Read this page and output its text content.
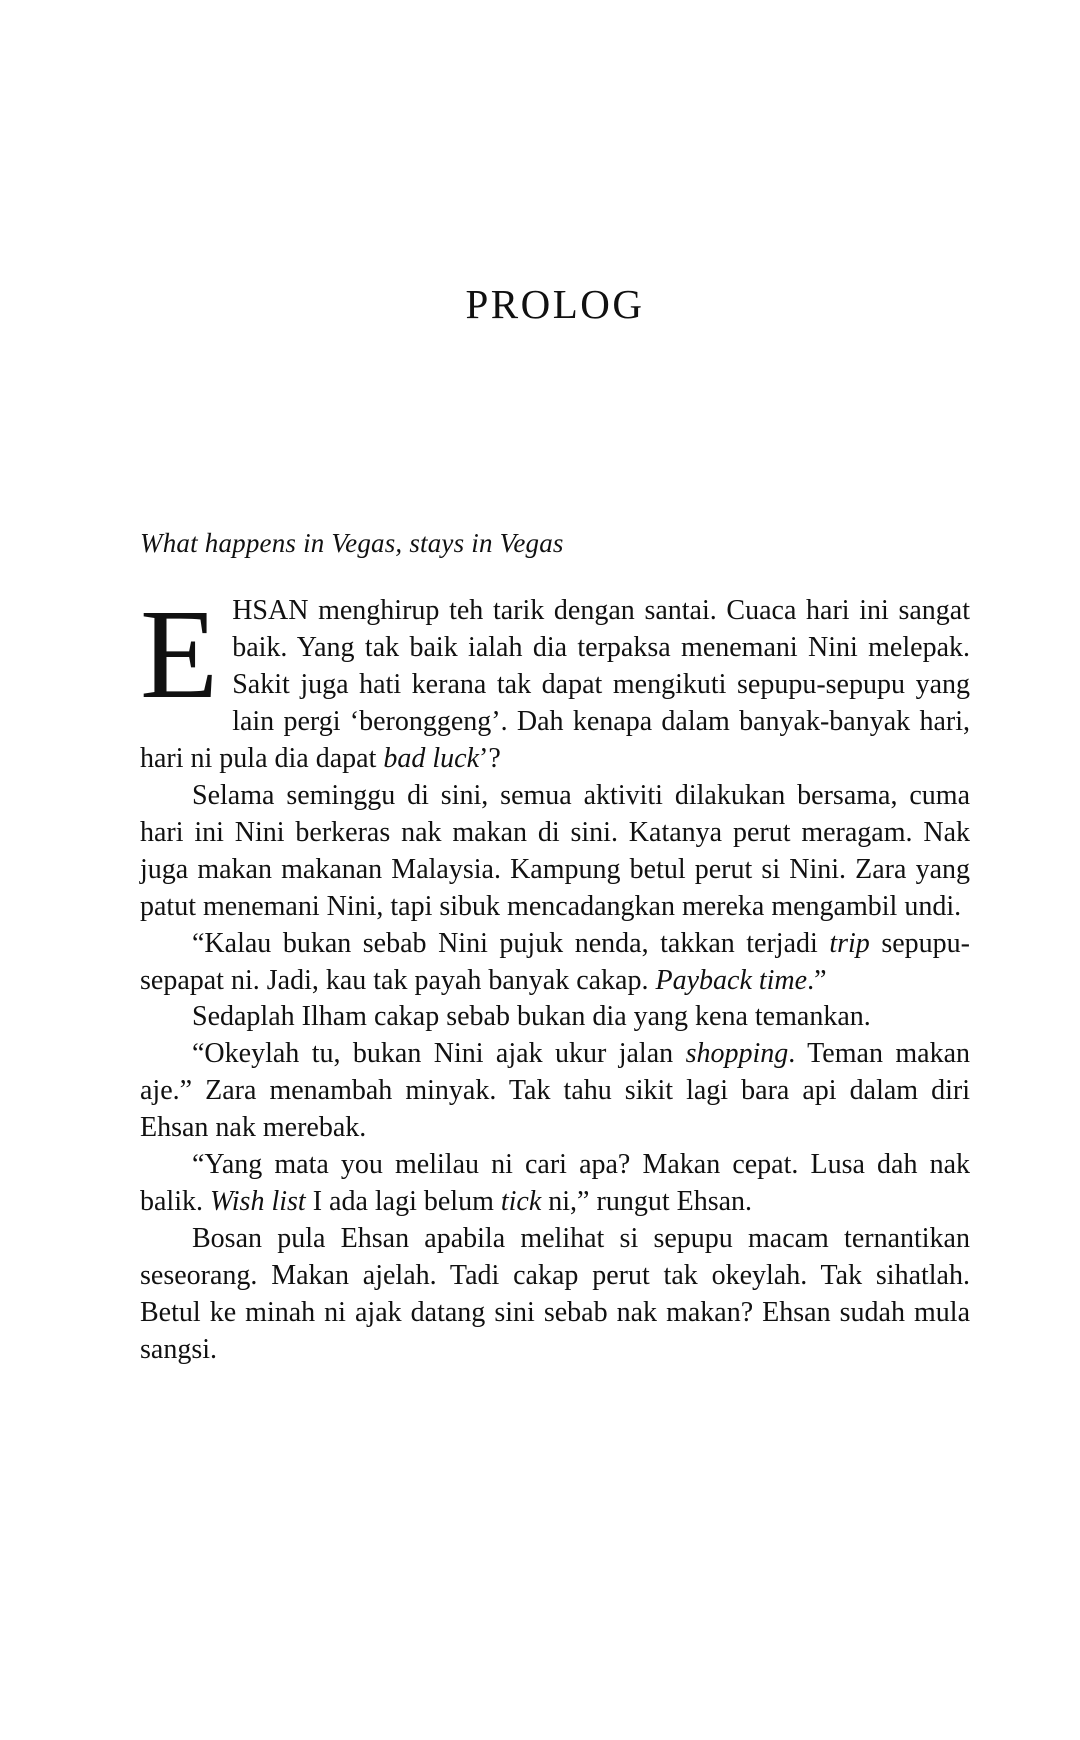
PROLOG
What happens in Vegas, stays in Vegas

EHSAN menghirup teh tarik dengan santai. Cuaca hari ini sangat baik. Yang tak baik ialah dia terpaksa menemani Nini melepak. Sakit juga hati kerana tak dapat mengikuti sepupu-sepupu yang lain pergi ‘beronggeng’. Dah kenapa dalam banyak-banyak hari, hari ni pula dia dapat bad luck’?

Selama seminggu di sini, semua aktiviti dilakukan bersama, cuma hari ini Nini berkeras nak makan di sini. Katanya perut meragam. Nak juga makan makanan Malaysia. Kampung betul perut si Nini. Zara yang patut menemani Nini, tapi sibuk mencadangkan mereka mengambil undi.

“Kalau bukan sebab Nini pujuk nenda, takkan terjadi trip sepupu-sepapat ni. Jadi, kau tak payah banyak cakap. Payback time.”

Sedaplah Ilham cakap sebab bukan dia yang kena temankan.

“Okeylah tu, bukan Nini ajak ukur jalan shopping. Teman makan aje.” Zara menambah minyak. Tak tahu sikit lagi bara api dalam diri Ehsan nak merebak.

“Yang mata you melilau ni cari apa? Makan cepat. Lusa dah nak balik. Wish list I ada lagi belum tick ni,” rungut Ehsan.

Bosan pula Ehsan apabila melihat si sepupu macam ternantikan seseorang. Makan ajelah. Tadi cakap perut tak okeylah. Tak sihatlah. Betul ke minah ni ajak datang sini sebab nak makan? Ehsan sudah mula sangsi.
